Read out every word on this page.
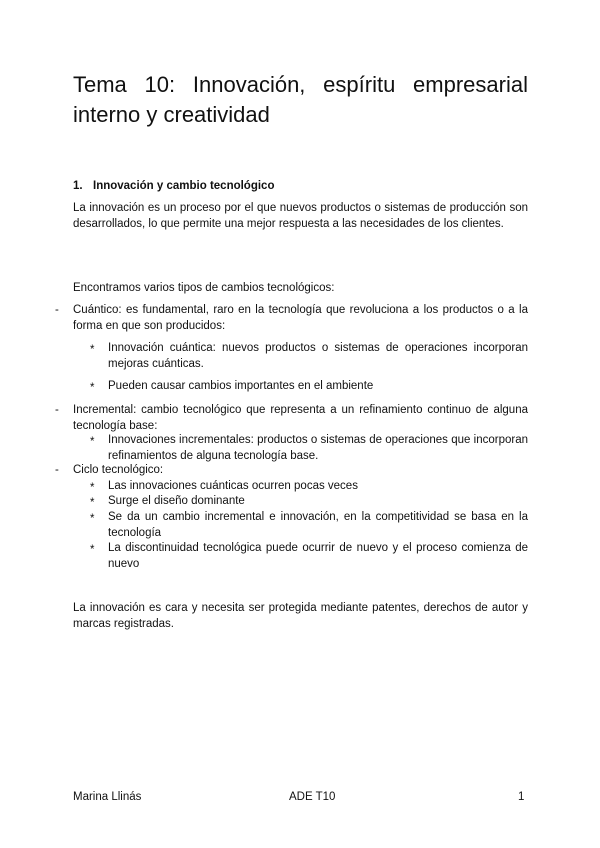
Tema 10: Innovación, espíritu empresarial interno y creatividad
1. Innovación y cambio tecnológico

La innovación es un proceso por el que nuevos productos o sistemas de producción son desarrollados, lo que permite una mejor respuesta a las necesidades de los clientes.

Encontramos varios tipos de cambios tecnológicos:

- Cuántico: es fundamental, raro en la tecnología que revoluciona a los productos o a la forma en que son producidos:
* Innovación cuántica: nuevos productos o sistemas de operaciones incorporan mejoras cuánticas.
* Pueden causar cambios importantes en el ambiente
- Incremental: cambio tecnológico que representa a un refinamiento continuo de alguna tecnología base:
* Innovaciones incrementales: productos o sistemas de operaciones que incorporan refinamientos de alguna tecnología base.
- Ciclo tecnológico:
* Las innovaciones cuánticas ocurren pocas veces
* Surge el diseño dominante
* Se da un cambio incremental e innovación, en la competitividad se basa en la tecnología
* La discontinuidad tecnológica puede ocurrir de nuevo y el proceso comienza de nuevo

La innovación es cara y necesita ser protegida mediante patentes, derechos de autor y marcas registradas.

Marina Llinás	ADE T10	1
